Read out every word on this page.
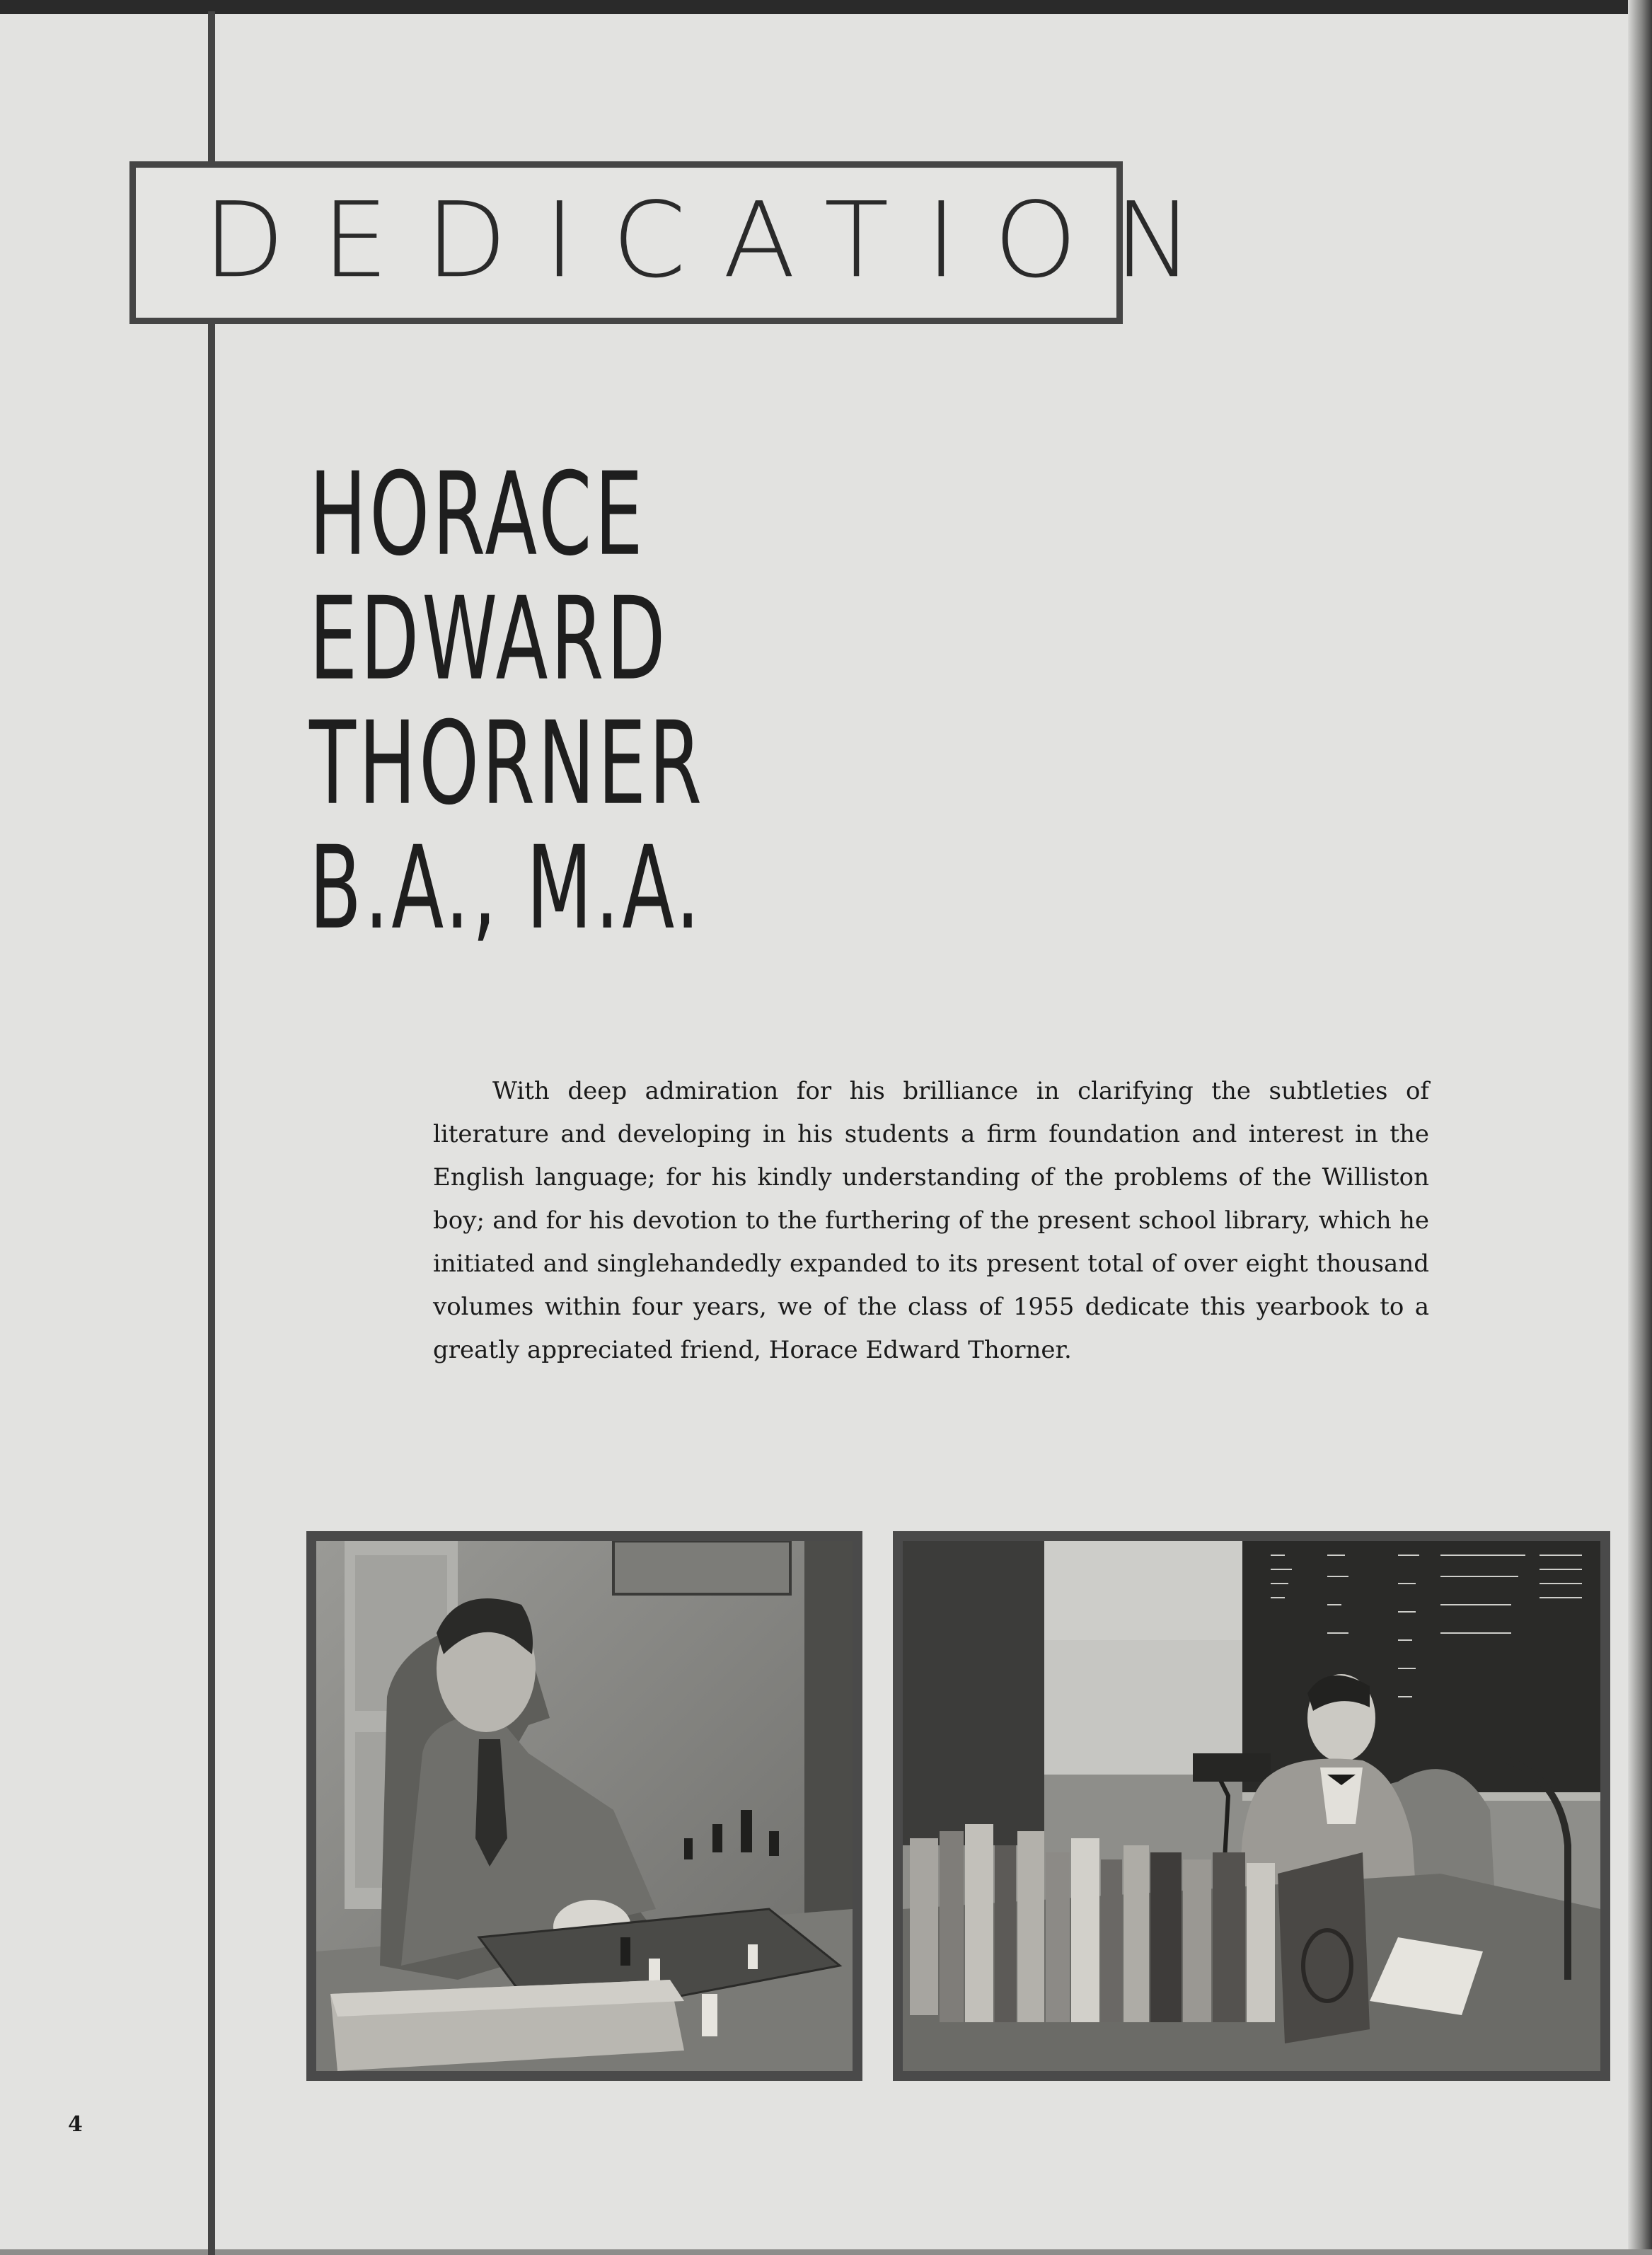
DEDICATION
HORACE
EDWARD
THORNER
B.A., M.A.

With deep admiration for his brilliance in clarifying the subtleties of literature and developing in his students a firm foundation and interest in the English language; for his kindly understanding of the problems of the Williston boy; and for his devotion to the furthering of the present school library, which he initiated and singlehandedly expanded to its present total of over eight thousand volumes within four years, we of the class of 1955 dedicate this yearbook to a greatly appreciated friend, Horace Edward Thorner.

4
